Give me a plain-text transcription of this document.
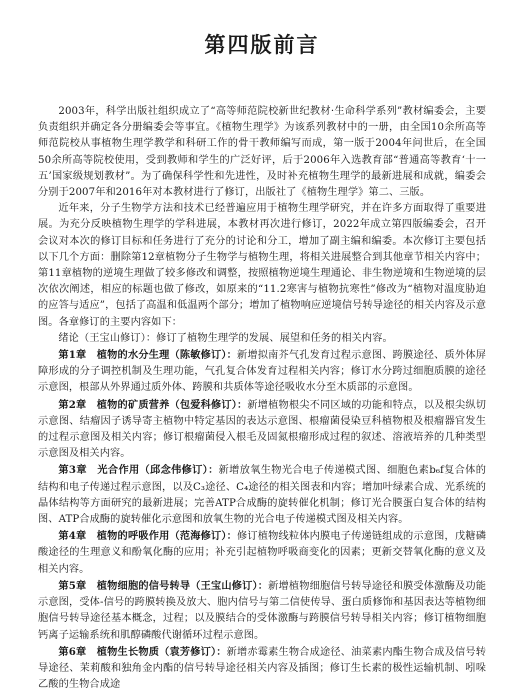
第四版前言

2003年，科学出版社组织成立了“高等师范院校新世纪教材·生命科学系列”教材编委会，主要负责组织并确定各分册编委会等事宜。《植物生理学》为该系列教材中的一册，由全国10余所高等师范院校从事植物生理学教学和科研工作的骨干教师编写而成，第一版于2004年问世后，在全国50余所高等院校使用，受到教师和学生的广泛好评，后于2006年入选教育部“普通高等教育‘十一五’国家级规划教材”。为了确保科学性和先进性，及时补充植物生理学的最新进展和成就，编委会分别于2007年和2016年对本教材进行了修订，出版社了《植物生理学》第二、三版。

近年来，分子生物学方法和技术已经普遍应用于植物生理学研究，并在许多方面取得了重要进展。为充分反映植物生理学的学科进展，本教材再次进行修订，2022年成立第四版编委会，召开会议对本次的修订目标和任务进行了充分的讨论和分工，增加了副主编和编委。本次修订主要包括以下几个方面：删除第12章植物分子生物学与植物生理，将相关进展整合到其他章节相关内容中；第11章植物的逆境生理做了较多修改和调整，按照植物逆境生理通论、非生物逆境和生物逆境的层次依次阐述，相应的标题也做了修改，如原来的“11.2寒害与植物抗寒性”修改为“植物对温度胁迫的应答与适应”，包括了高温和低温两个部分；增加了植物响应逆境信号转导途径的相关内容及示意图。各章修订的主要内容如下：

绪论（王宝山修订）：修订了植物生理学的发展、展望和任务的相关内容。

第1章　植物的水分生理（陈敏修订）：新增拟南芥气孔发育过程示意图、跨膜途径、质外体屏障形成的分子调控机制及生理功能，气孔复合体发育过程相关内容；修订水分跨过细胞质膜的途径示意图，根部从外界通过质外体、跨膜和共质体等途径吸收水分至木质部的示意图。

第2章　植物的矿质营养（包爱科修订）：新增植物根尖不同区域的功能和特点，以及根尖纵切示意图、结瘤因子诱导寄主植物中特定基因的表达示意图、根瘤菌侵染豆科植物根及根瘤器官发生的过程示意图及相关内容；修订根瘤菌侵入根毛及固氮根瘤形成过程的叙述、溶液培养的几种类型示意图及相关内容。

第3章　光合作用（邱念伟修订）：新增放氧生物光合电子传递模式图、细胞色素b₆f复合体的结构和电子传递过程示意图，以及C₃途径、C₄途径的相关图表和内容；增加叶绿素合成、光系统的晶体结构等方面研究的最新进展；完善ATP合成酶的旋转催化机制；修订光合膜蛋白复合体的结构图、ATP合成酶的旋转催化示意图和放氧生物的光合电子传递模式图及相关内容。

第4章　植物的呼吸作用（范海修订）：修订植物线粒体内膜电子传递链组成的示意图，戊糖磷酸途径的生理意义和酚氧化酶的应用；补充引起植物呼吸商变化的因素；更新交替氧化酶的意义及相关内容。

第5章　植物细胞的信号转导（王宝山修订）：新增植物细胞信号转导途径和膜受体激酶及功能示意图，受体-信号的跨膜转换及放大、胞内信号与第二信使传导、蛋白质修饰和基因表达等植物细胞信号转导途径基本概念，过程；以及膜结合的受体激酶与跨膜信号转导相关内容；修订植物细胞钙离子运输系统和肌醇磷酸代谢循环过程示意图。

第6章　植物生长物质（袁芳修订）：新增赤霉素生物合成途径、油菜素内酯生物合成及信号转导途径、茉莉酸和独角金内酯的信号转导途径相关内容及插图；修订生长素的极性运输机制、吲哚乙酸的生物合成途
